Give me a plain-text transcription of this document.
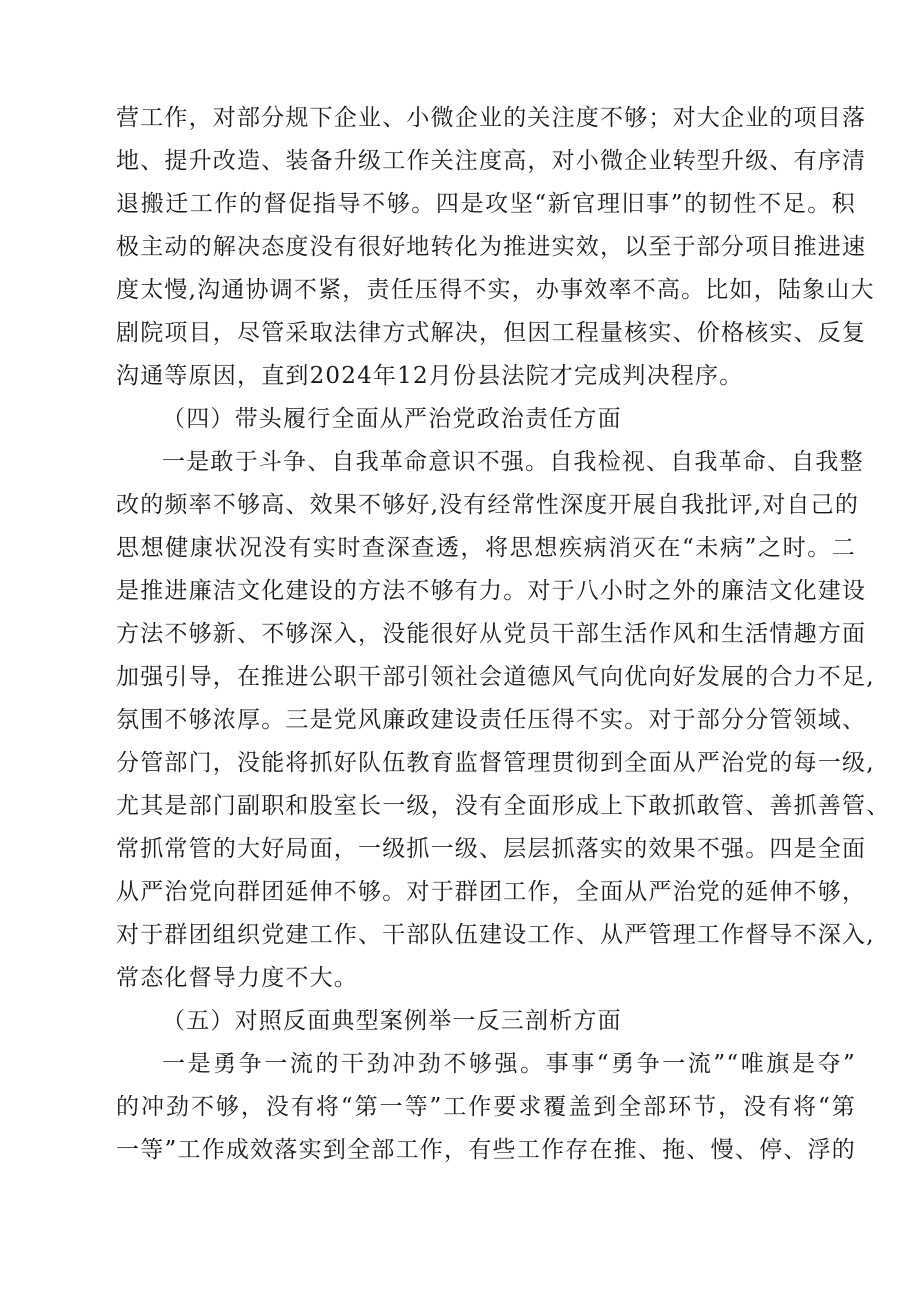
营工作，对部分规下企业、小微企业的关注度不够；对大企业的项目落
地、提升改造、装备升级工作关注度高，对小微企业转型升级、有序清
退搬迁工作的督促指导不够。四是攻坚“新官理旧事”的韧性不足。积
极主动的解决态度没有很好地转化为推进实效，以至于部分项目推进速
度太慢,沟通协调不紧，责任压得不实，办事效率不高。比如，陆象山大
剧院项目，尽管采取法律方式解决，但因工程量核实、价格核实、反复
沟通等原因，直到2024年12月份县法院才完成判决程序。
（四）带头履行全面从严治党政治责任方面
一是敢于斗争、自我革命意识不强。自我检视、自我革命、自我整
改的频率不够高、效果不够好,没有经常性深度开展自我批评,对自己的
思想健康状况没有实时查深查透，将思想疾病消灭在“未病”之时。二
是推进廉洁文化建设的方法不够有力。对于八小时之外的廉洁文化建设
方法不够新、不够深入，没能很好从党员干部生活作风和生活情趣方面
加强引导，在推进公职干部引领社会道德风气向优向好发展的合力不足,
氛围不够浓厚。三是党风廉政建设责任压得不实。对于部分分管领域、
分管部门，没能将抓好队伍教育监督管理贯彻到全面从严治党的每一级,
尤其是部门副职和股室长一级，没有全面形成上下敢抓敢管、善抓善管、
常抓常管的大好局面，一级抓一级、层层抓落实的效果不强。四是全面
从严治党向群团延伸不够。对于群团工作，全面从严治党的延伸不够，
对于群团组织党建工作、干部队伍建设工作、从严管理工作督导不深入,
常态化督导力度不大。
（五）对照反面典型案例举一反三剖析方面
一是勇争一流的干劲冲劲不够强。事事“勇争一流”“唯旗是夺”
的冲劲不够，没有将“第一等”工作要求覆盖到全部环节，没有将“第
一等”工作成效落实到全部工作，有些工作存在推、拖、慢、停、浮的
